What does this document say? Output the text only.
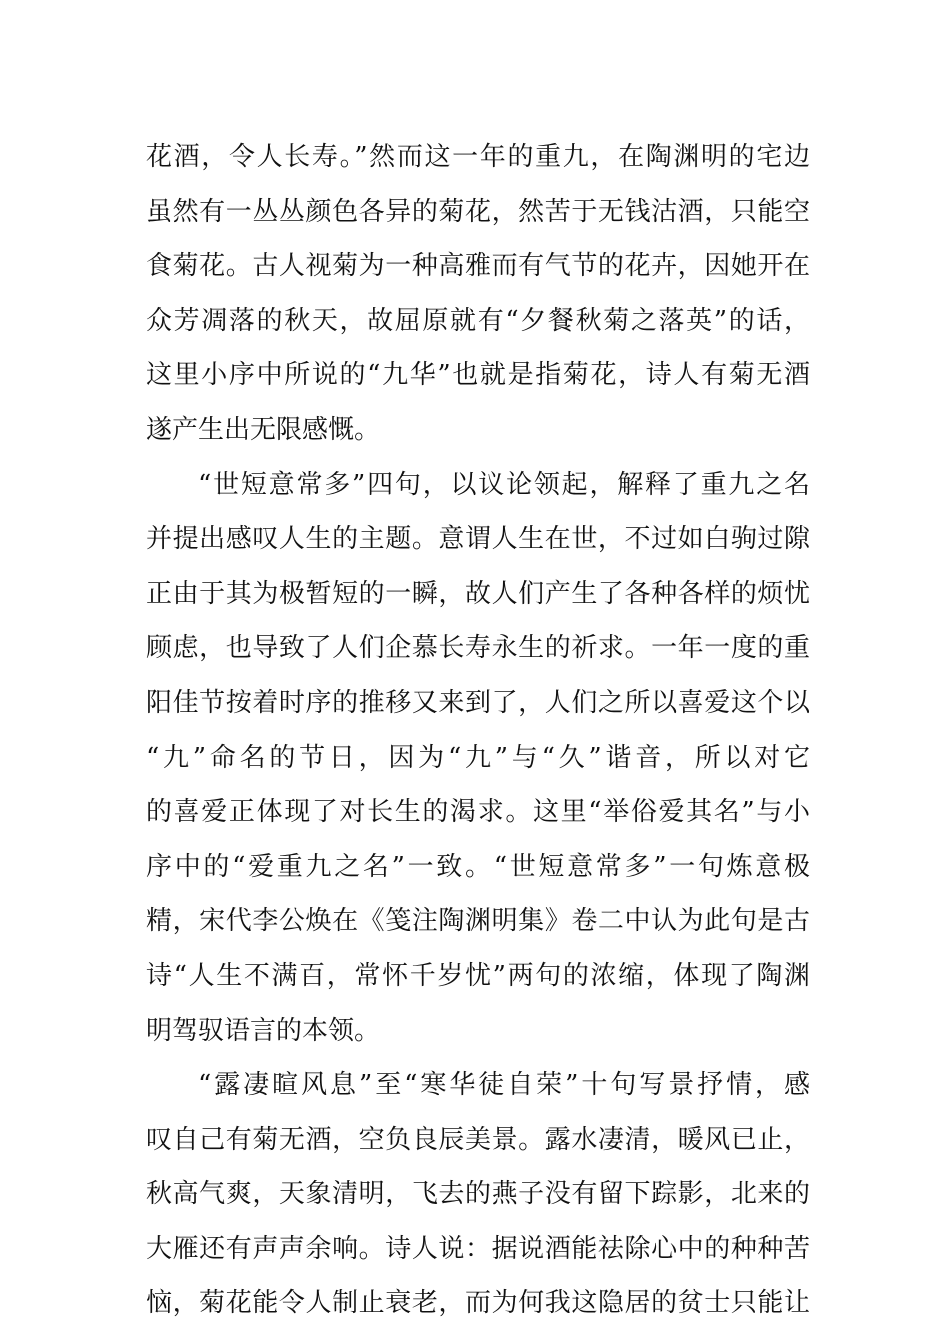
花酒，令人长寿。”然而这一年的重九，在陶渊明的宅边
虽然有一丛丛颜色各异的菊花，然苦于无钱沽酒，只能空
食菊花。古人视菊为一种高雅而有气节的花卉，因她开在
众芳凋落的秋天，故屈原就有“夕餐秋菊之落英”的话，
这里小序中所说的“九华”也就是指菊花，诗人有菊无酒
遂产生出无限感慨。
“世短意常多”四句，以议论领起，解释了重九之名
并提出感叹人生的主题。意谓人生在世，不过如白驹过隙
正由于其为极暂短的一瞬，故人们产生了各种各样的烦忧
顾虑，也导致了人们企慕长寿永生的祈求。一年一度的重
阳佳节按着时序的推移又来到了，人们之所以喜爱这个以
“九”命名的节日，因为“九”与“久”谐音，所以对它
的喜爱正体现了对长生的渴求。这里“举俗爱其名”与小
序中的“爱重九之名”一致。“世短意常多”一句炼意极
精，宋代李公焕在《笺注陶渊明集》卷二中认为此句是古
诗“人生不满百，常怀千岁忧”两句的浓缩，体现了陶渊
明驾驭语言的本领。
“露凄暄风息”至“寒华徒自荣”十句写景抒情，感
叹自己有菊无酒，空负良辰美景。露水凄清，暖风已止，
秋高气爽，天象清明，飞去的燕子没有留下踪影，北来的
大雁还有声声余响。诗人说：据说酒能祛除心中的种种苦
恼，菊花能令人制止衰老，而为何我这隐居的贫士只能让
